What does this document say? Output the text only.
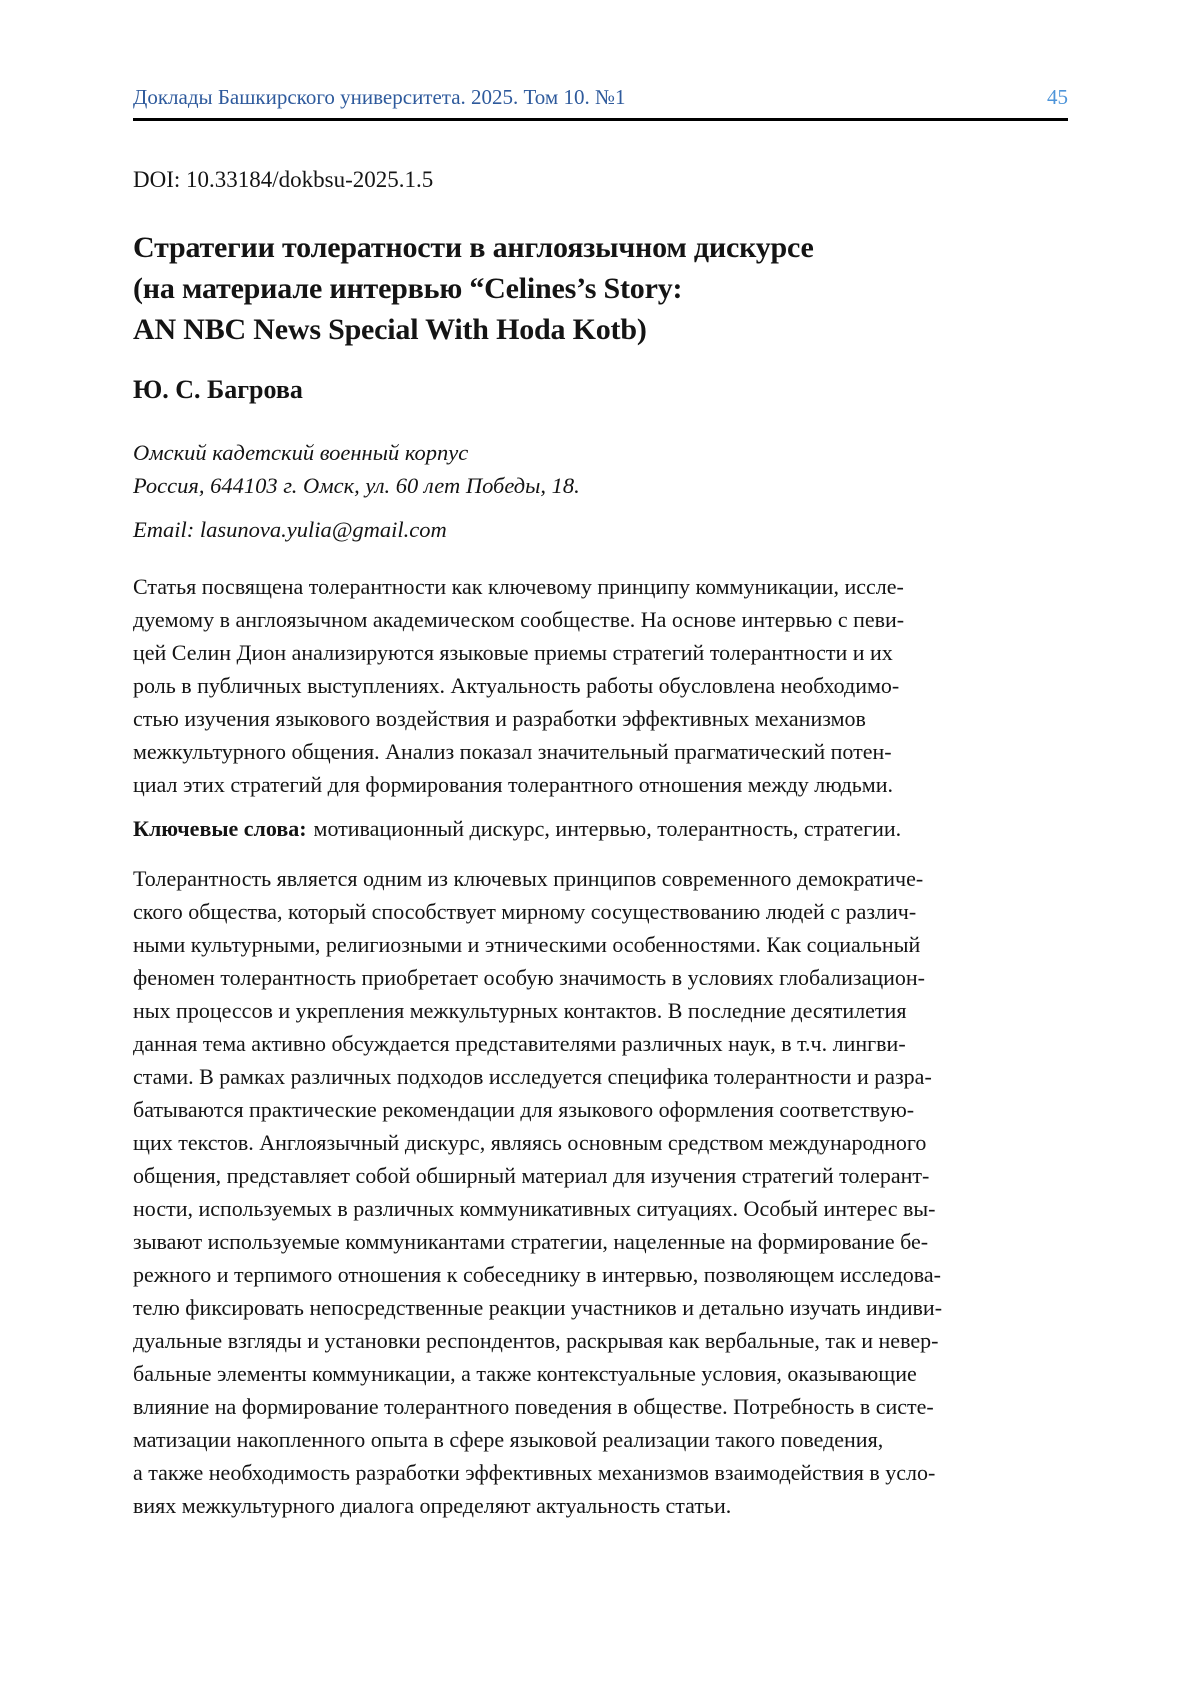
Доклады Башкирского университета. 2025. Том 10. №1	45
DOI: 10.33184/dokbsu-2025.1.5
Стратегии толератности в англоязычном дискурсе
(на материале интервью “Celines’s Story:
AN NBC News Special With Hoda Kotb)
Ю. С. Багрова
Омский кадетский военный корпус
Россия, 644103 г. Омск, ул. 60 лет Победы, 18.
Email: lasunova.yulia@gmail.com
Статья посвящена толерантности как ключевому принципу коммуникации, иссле-
дуемому в англоязычном академическом сообществе. На основе интервью с певи-
цей Селин Дион анализируются языковые приемы стратегий толерантности и их
роль в публичных выступлениях. Актуальность работы обусловлена необходимо-
стью изучения языкового воздействия и разработки эффективных механизмов
межкультурного общения. Анализ показал значительный прагматический потен-
циал этих стратегий для формирования толерантного отношения между людьми.
Ключевые слова: мотивационный дискурс, интервью, толерантность, стратегии.
Толерантность является одним из ключевых принципов современного демократиче-
ского общества, который способствует мирному сосуществованию людей с различ-
ными культурными, религиозными и этническими особенностями. Как социальный
феномен толерантность приобретает особую значимость в условиях глобализацион-
ных процессов и укрепления межкультурных контактов. В последние десятилетия
данная тема активно обсуждается представителями различных наук, в т.ч. лингви-
стами. В рамках различных подходов исследуется специфика толерантности и разра-
батываются практические рекомендации для языкового оформления соответствую-
щих текстов. Англоязычный дискурс, являясь основным средством международного
общения, представляет собой обширный материал для изучения стратегий толерант-
ности, используемых в различных коммуникативных ситуациях. Особый интерес вы-
зывают используемые коммуникантами стратегии, нацеленные на формирование бе-
режного и терпимого отношения к собеседнику в интервью, позволяющем исследова-
телю фиксировать непосредственные реакции участников и детально изучать индиви-
дуальные взгляды и установки респондентов, раскрывая как вербальные, так и невер-
бальные элементы коммуникации, а также контекстуальные условия, оказывающие
влияние на формирование толерантного поведения в обществе. Потребность в систе-
матизации накопленного опыта в сфере языковой реализации такого поведения,
а также необходимость разработки эффективных механизмов взаимодействия в усло-
виях межкультурного диалога определяют актуальность статьи.
